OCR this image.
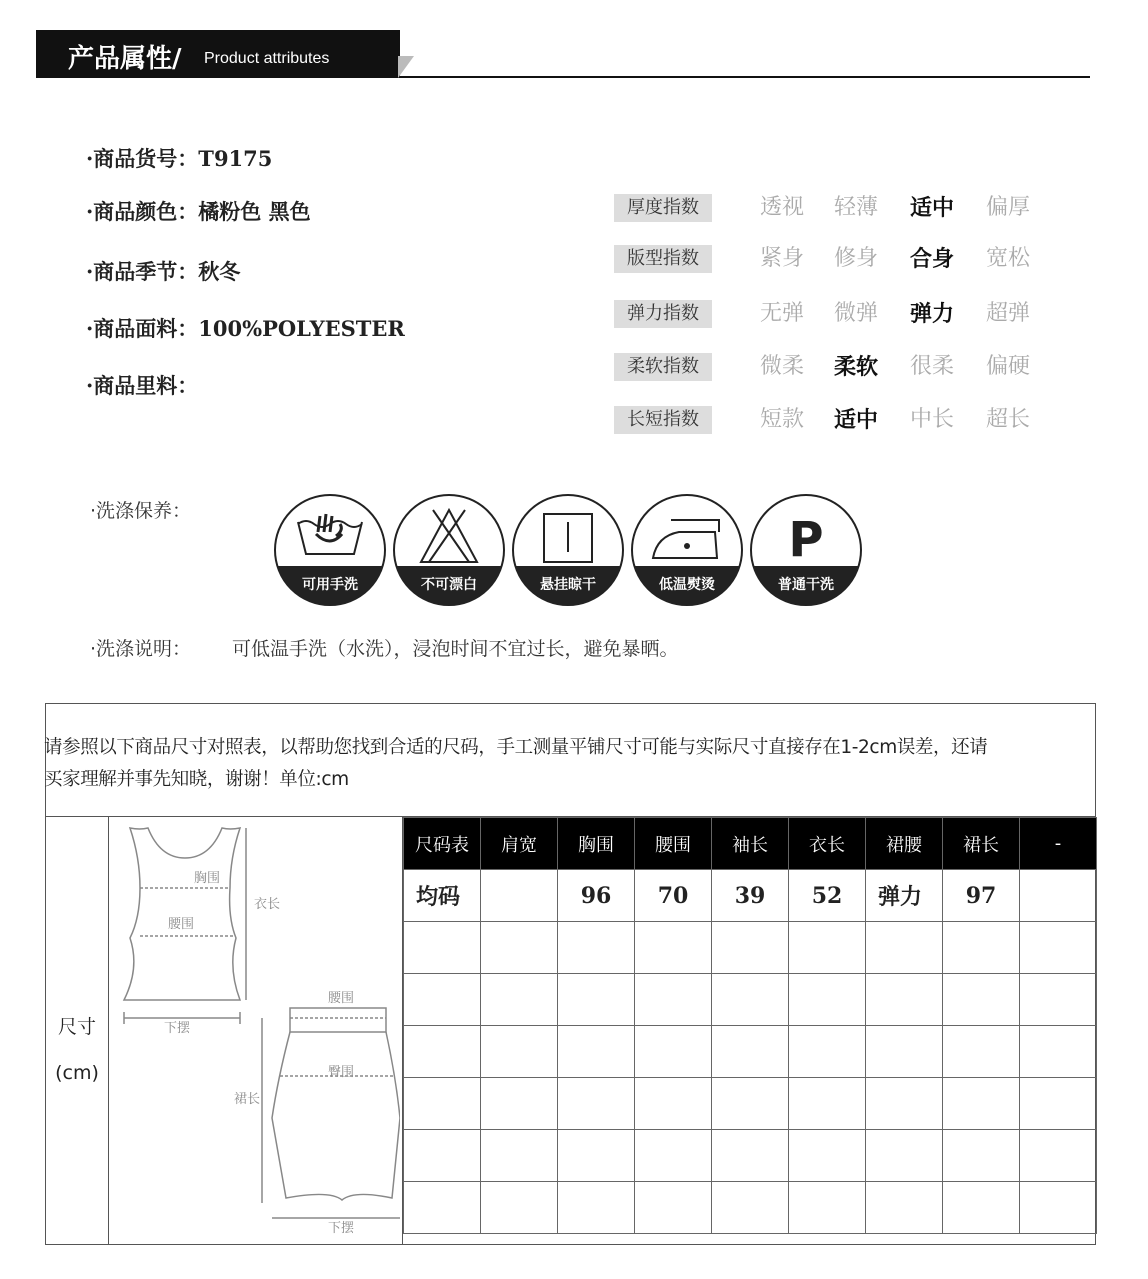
产品属性/ Product attributes
·商品货号：T9175
·商品颜色：橘粉色 黑色
·商品季节：秋冬
·商品面料：100%POLYESTER
·商品里料：
厚度指数	透视	轻薄	适中	偏厚
版型指数	紧身	修身	合身	宽松
弹力指数	无弹	微弹	弹力	超弹
柔软指数	微柔	柔软	很柔	偏硬
长短指数	短款	适中	中长	超长
·洗涤保养：
可用手洗	不可漂白	悬挂晾干	低温熨烫
P
普通干洗
·洗涤说明： 可低温手洗（水洗），浸泡时间不宜过长，避免暴晒。
请参照以下商品尺寸对照表，以帮助您找到合适的尺码，手工测量平铺尺寸可能与实际尺寸直接存在1-2cm误差，还请
买家理解并事先知晓，谢谢！单位:cm
尺寸
(cm)
胸围
腰围
衣长
下摆
腰围
臀围
裙长
下摆
尺码表	肩宽	胸围	腰围	袖长	衣长	裙腰	裙长	-
均码		96	70	39	52	弹力	97	
